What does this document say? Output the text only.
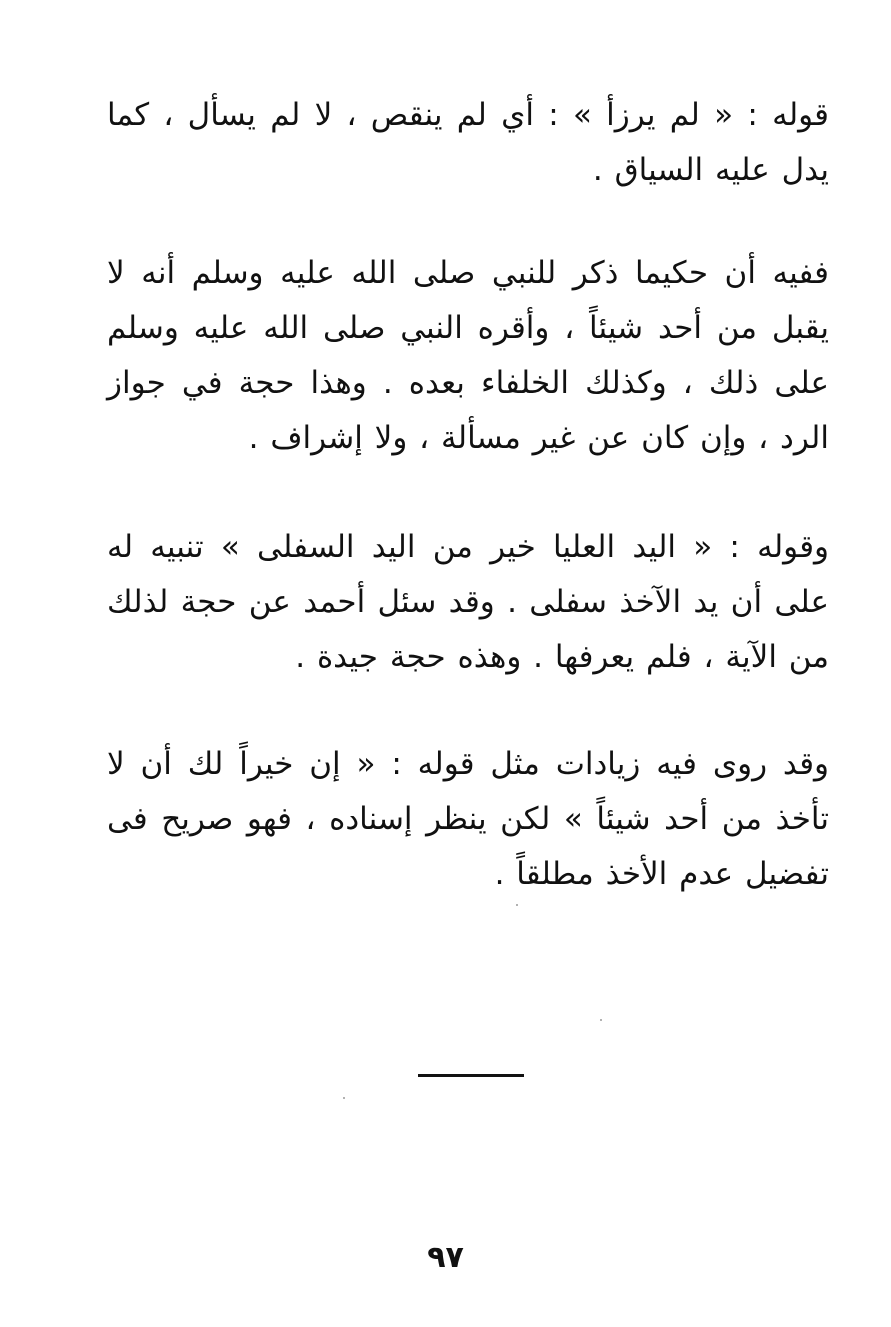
قوله : « لم يرزأ » : أي لم ينقص ، لا لم يسأل ، كما يدل عليه السياق .

ففيه أن حكيما ذكر للنبي صلى الله عليه وسلم أنه لا يقبل من أحد شيئاً ، وأقره النبي صلى الله عليه وسلم على ذلك ، وكذلك الخلفاء بعده . وهذا حجة في جواز الرد ، وإن كان عن غير مسألة ، ولا إشراف .

وقوله : « اليد العليا خير من اليد السفلى » تنبيه له على أن يد الآخذ سفلى . وقد سئل أحمد عن حجة لذلك من الآية ، فلم يعرفها . وهذه حجة جيدة .

وقد روى فيه زيادات مثل قوله : « إن خيراً لك أن لا تأخذ من أحد شيئاً » لكن ينظر إسناده ، فهو صريح فى تفضيل عدم الأخذ مطلقاً .

٩٧
